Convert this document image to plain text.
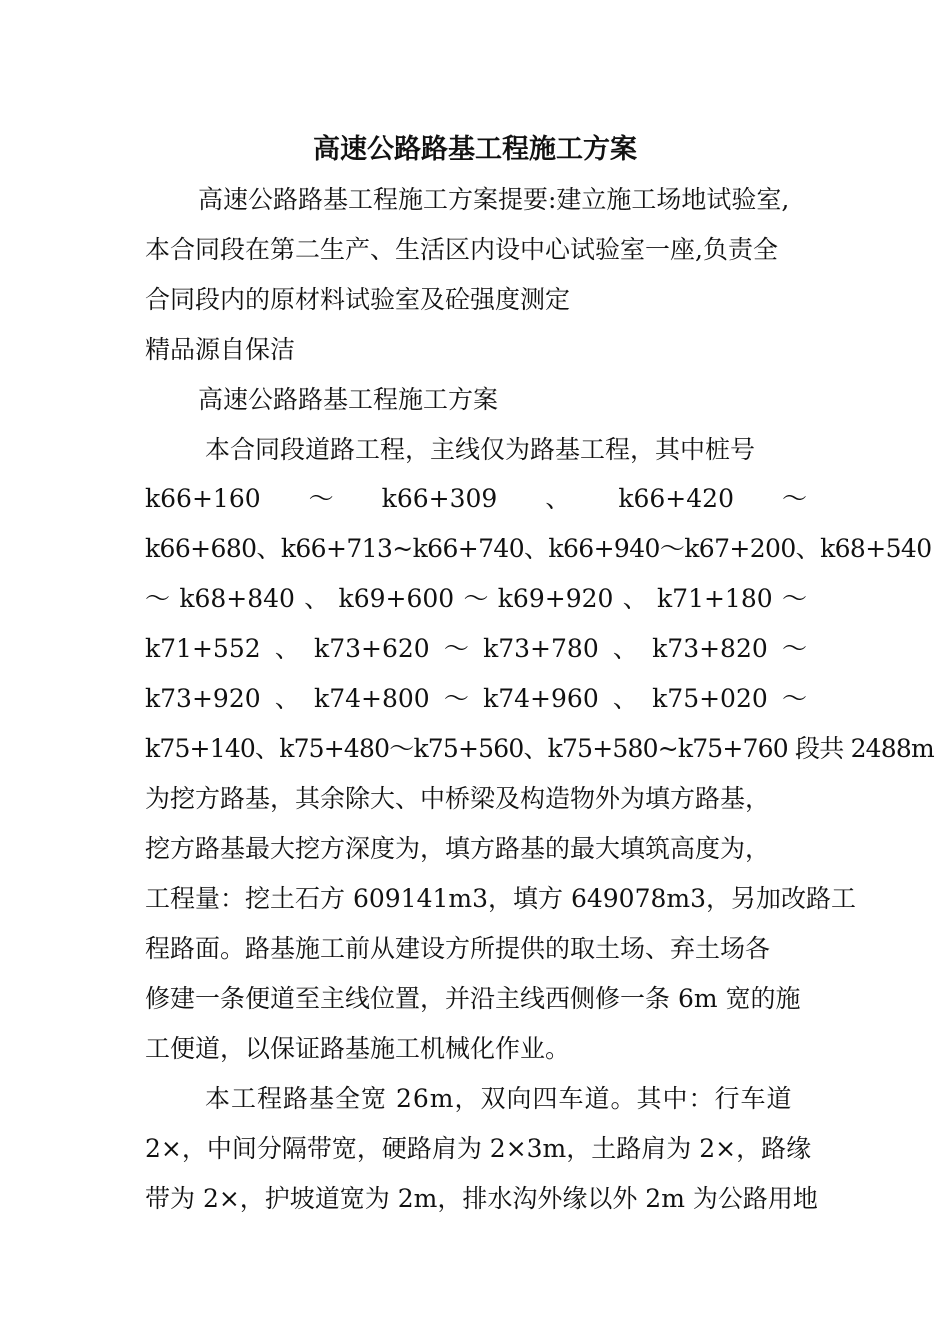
高速公路路基工程施工方案
高速公路路基工程施工方案提要:建立施工场地试验室,
本合同段在第二生产、生活区内设中心试验室一座,负责全
合同段内的原材料试验室及砼强度测定
精品源自保洁
高速公路路基工程施工方案
本合同段道路工程，主线仅为路基工程，其中桩号
k66+160 ～ k66+309 、 k66+420 ～
k66+680、k66+713~k66+740、k66+940～k67+200、k68+540
～ k68+840 、 k69+600 ～ k69+920 、 k71+180 ～
k71+552 、 k73+620 ～ k73+780 、 k73+820 ～
k73+920 、 k74+800 ～ k74+960 、 k75+020 ～
k75+140、k75+480～k75+560、k75+580~k75+760 段共 2488m
为挖方路基，其余除大、中桥梁及构造物外为填方路基，
挖方路基最大挖方深度为，填方路基的最大填筑高度为，
工程量：挖土石方 609141m3，填方 649078m3，另加改路工
程路面。路基施工前从建设方所提供的取土场、弃土场各
修建一条便道至主线位置，并沿主线西侧修一条 6m 宽的施
工便道，以保证路基施工机械化作业。
本工程路基全宽 26m，双向四车道。其中：行车道
2×，中间分隔带宽，硬路肩为 2×3m，土路肩为 2×，路缘
带为 2×，护坡道宽为 2m，排水沟外缘以外 2m 为公路用地
